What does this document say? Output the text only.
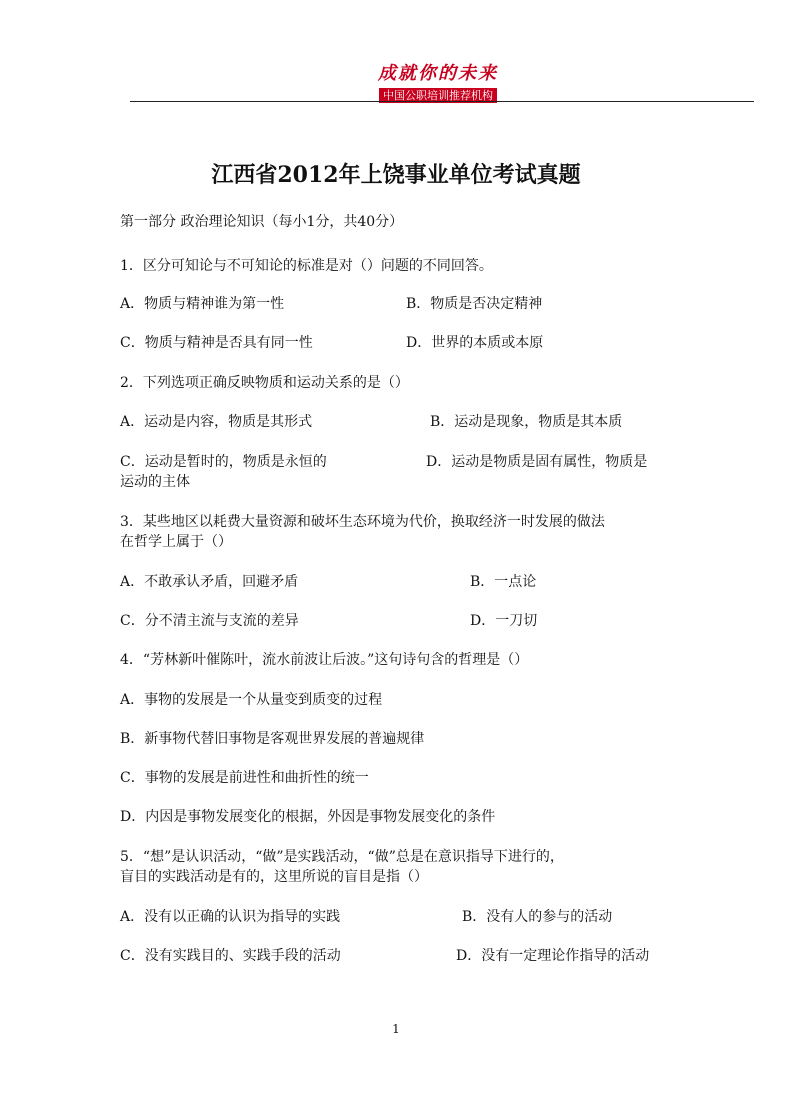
成就你的未来
中国公职培训推荐机构
江西省2012年上饶事业单位考试真题
第一部分 政治理论知识（每小1分，共40分）
1．区分可知论与不可知论的标准是对（）问题的不同回答。
A．物质与精神谁为第一性	B．物质是否决定精神
C．物质与精神是否具有同一性	D．世界的本质或本原
2．下列选项正确反映物质和运动关系的是（）
A．运动是内容，物质是其形式	B．运动是现象，物质是其本质
C．运动是暂时的，物质是永恒的	D．运动是物质是固有属性，物质是
运动的主体
3．某些地区以耗费大量资源和破坏生态环境为代价，换取经济一时发展的做法
在哲学上属于（）
A．不敢承认矛盾，回避矛盾	B．一点论
C．分不清主流与支流的差异	D．一刀切
4．“芳林新叶催陈叶，流水前波让后波。”这句诗句含的哲理是（）
A．事物的发展是一个从量变到质变的过程
B．新事物代替旧事物是客观世界发展的普遍规律
C．事物的发展是前进性和曲折性的统一
D．内因是事物发展变化的根据，外因是事物发展变化的条件
5．“想”是认识活动，“做”是实践活动，“做”总是在意识指导下进行的，
盲目的实践活动是有的，这里所说的盲目是指（）
A．没有以正确的认识为指导的实践	B．没有人的参与的活动
C．没有实践目的、实践手段的活动	D．没有一定理论作指导的活动
1
